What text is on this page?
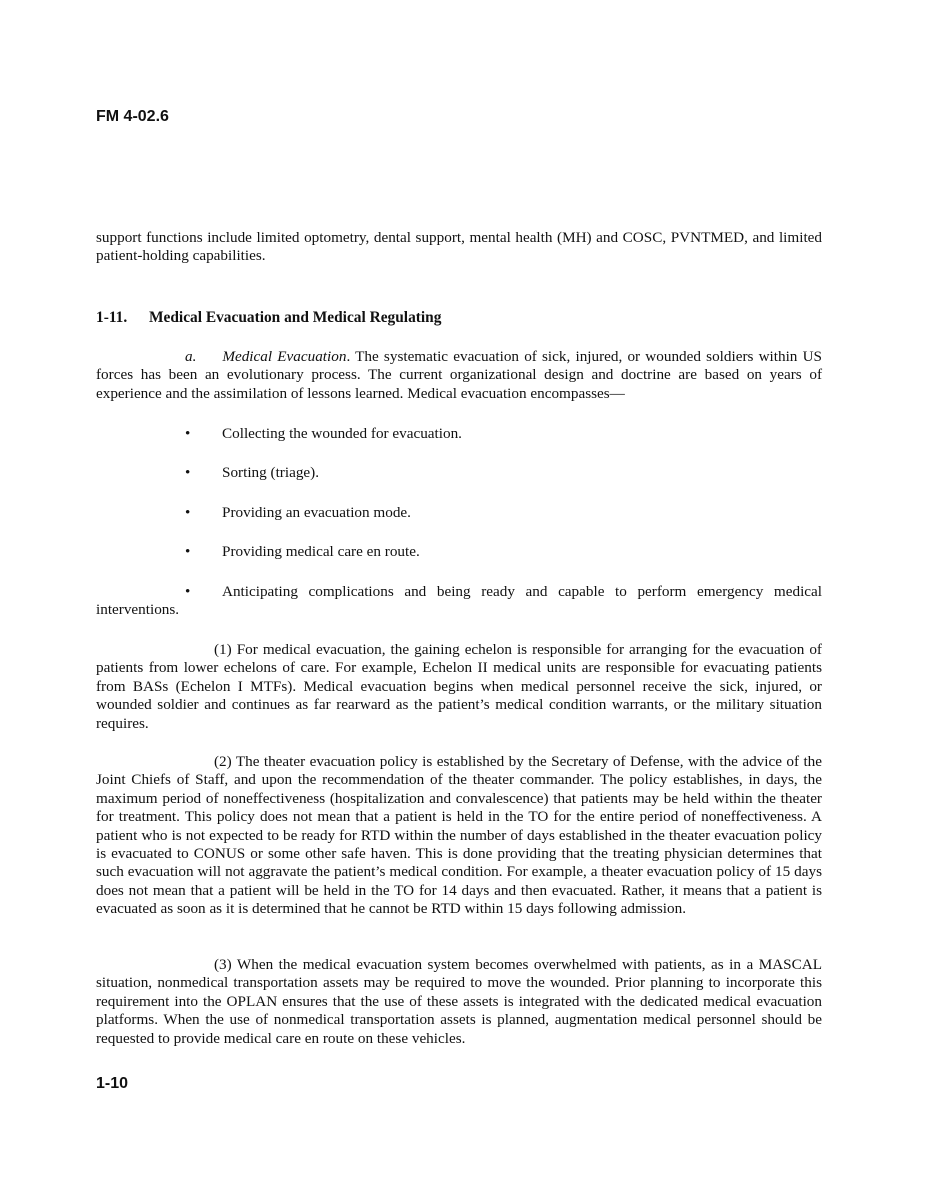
FM 4-02.6

support functions include limited optometry, dental support, mental health (MH) and COSC, PVNTMED, and limited patient-holding capabilities.

1-11. Medical Evacuation and Medical Regulating

a. Medical Evacuation. The systematic evacuation of sick, injured, or wounded soldiers within US forces has been an evolutionary process. The current organizational design and doctrine are based on years of experience and the assimilation of lessons learned. Medical evacuation encompasses—

• Collecting the wounded for evacuation.

• Sorting (triage).

• Providing an evacuation mode.

• Providing medical care en route.

• Anticipating complications and being ready and capable to perform emergency medical interventions.

(1) For medical evacuation, the gaining echelon is responsible for arranging for the evacuation of patients from lower echelons of care. For example, Echelon II medical units are responsible for evacuating patients from BASs (Echelon I MTFs). Medical evacuation begins when medical personnel receive the sick, injured, or wounded soldier and continues as far rearward as the patient’s medical condition warrants, or the military situation requires.

(2) The theater evacuation policy is established by the Secretary of Defense, with the advice of the Joint Chiefs of Staff, and upon the recommendation of the theater commander. The policy establishes, in days, the maximum period of noneffectiveness (hospitalization and convalescence) that patients may be held within the theater for treatment. This policy does not mean that a patient is held in the TO for the entire period of noneffectiveness. A patient who is not expected to be ready for RTD within the number of days established in the theater evacuation policy is evacuated to CONUS or some other safe haven. This is done providing that the treating physician determines that such evacuation will not aggravate the patient’s medical condition. For example, a theater evacuation policy of 15 days does not mean that a patient will be held in the TO for 14 days and then evacuated. Rather, it means that a patient is evacuated as soon as it is determined that he cannot be RTD within 15 days following admission.

(3) When the medical evacuation system becomes overwhelmed with patients, as in a MASCAL situation, nonmedical transportation assets may be required to move the wounded. Prior planning to incorporate this requirement into the OPLAN ensures that the use of these assets is integrated with the dedicated medical evacuation platforms. When the use of nonmedical transportation assets is planned, augmentation medical personnel should be requested to provide medical care en route on these vehicles.

1-10
